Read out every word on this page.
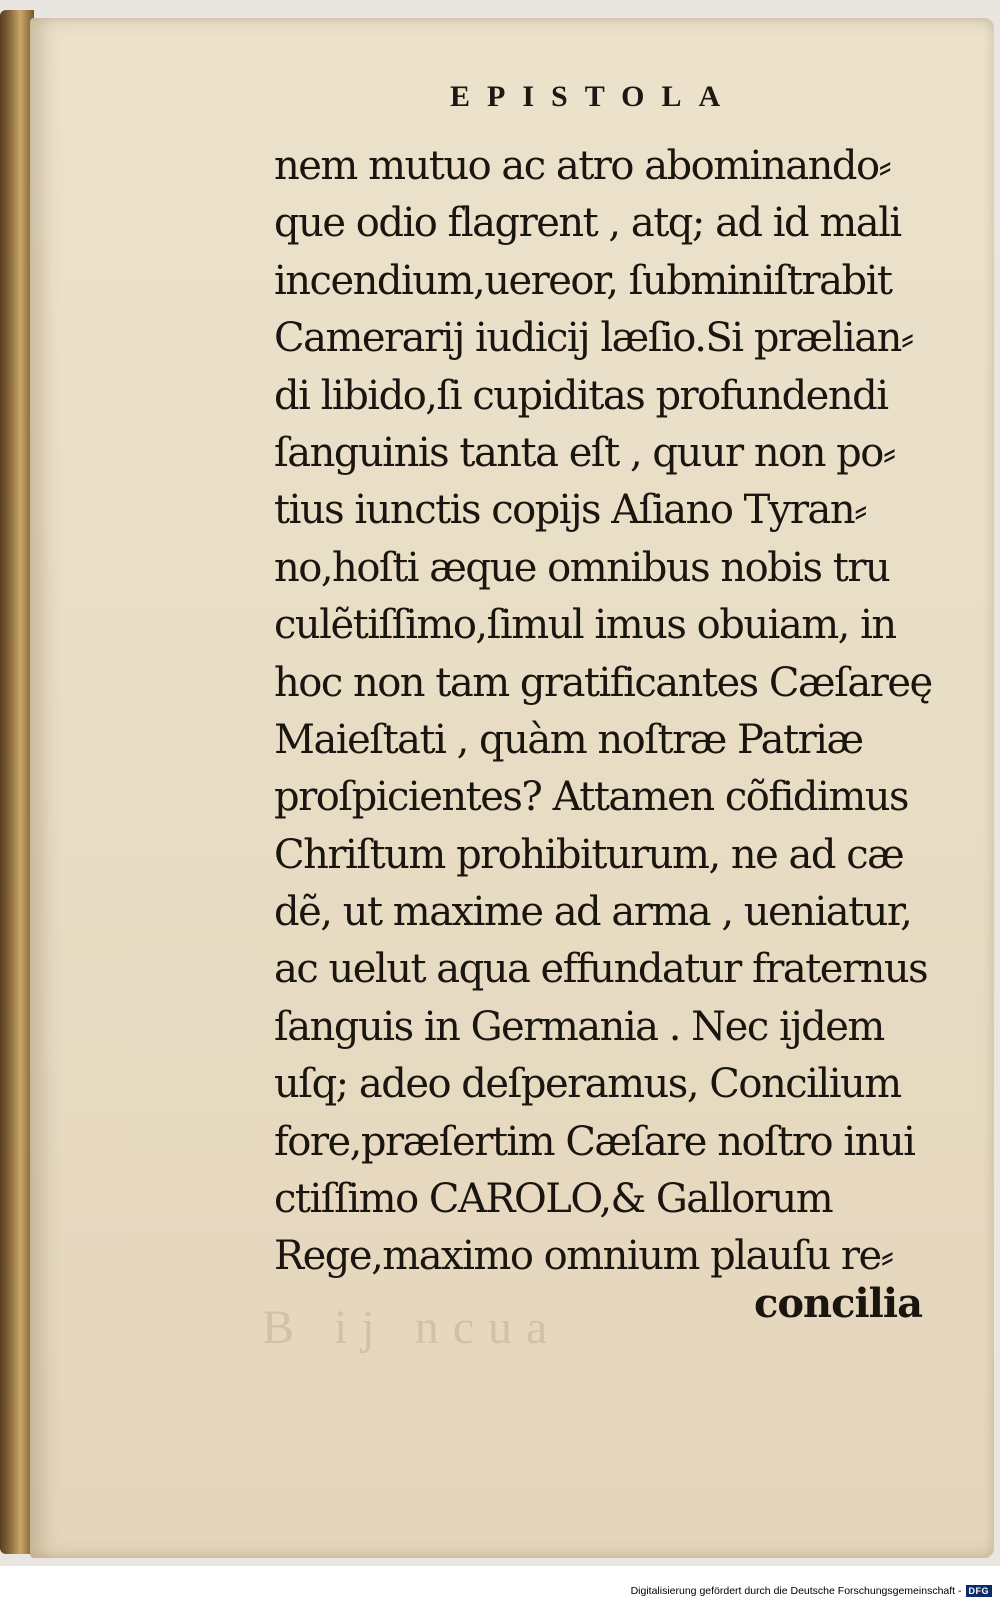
EPISTOLA
nem mutuo ac atro abominando⸗
que odio flagrent , atq; ad id mali
incendium,uereor, ſubminiſtrabit
Camerarij iudicij læſio.Si prælian⸗
di libido,ſi cupiditas profundendi
ſanguinis tanta eſt , quur non po⸗
tius iunctis copijs Aſiano Tyran⸗
no,hoſti æque omnibus nobis tru
culẽtiſſimo,ſimul imus obuiam, in
hoc non tam gratificantes Cæſareę
Maieſtati , quàm noſtræ Patriæ
proſpicientes? Attamen cõfidimus
Chriſtum prohibiturum, ne ad cæ
dẽ, ut maxime ad arma , ueniatur,
ac uelut aqua effundatur fraternus
ſanguis in Germania . Nec ijdem
uſq; adeo deſperamus, Concilium
fore,præſertim Cæſare noſtro inui
ctiſſimo CAROLO,& Gallorum
Rege,maximo omnium plauſu re⸗
B ij ncua	concilia
Digitalisierung gefördert durch die Deutsche Forschungsgemeinschaft - DFG
